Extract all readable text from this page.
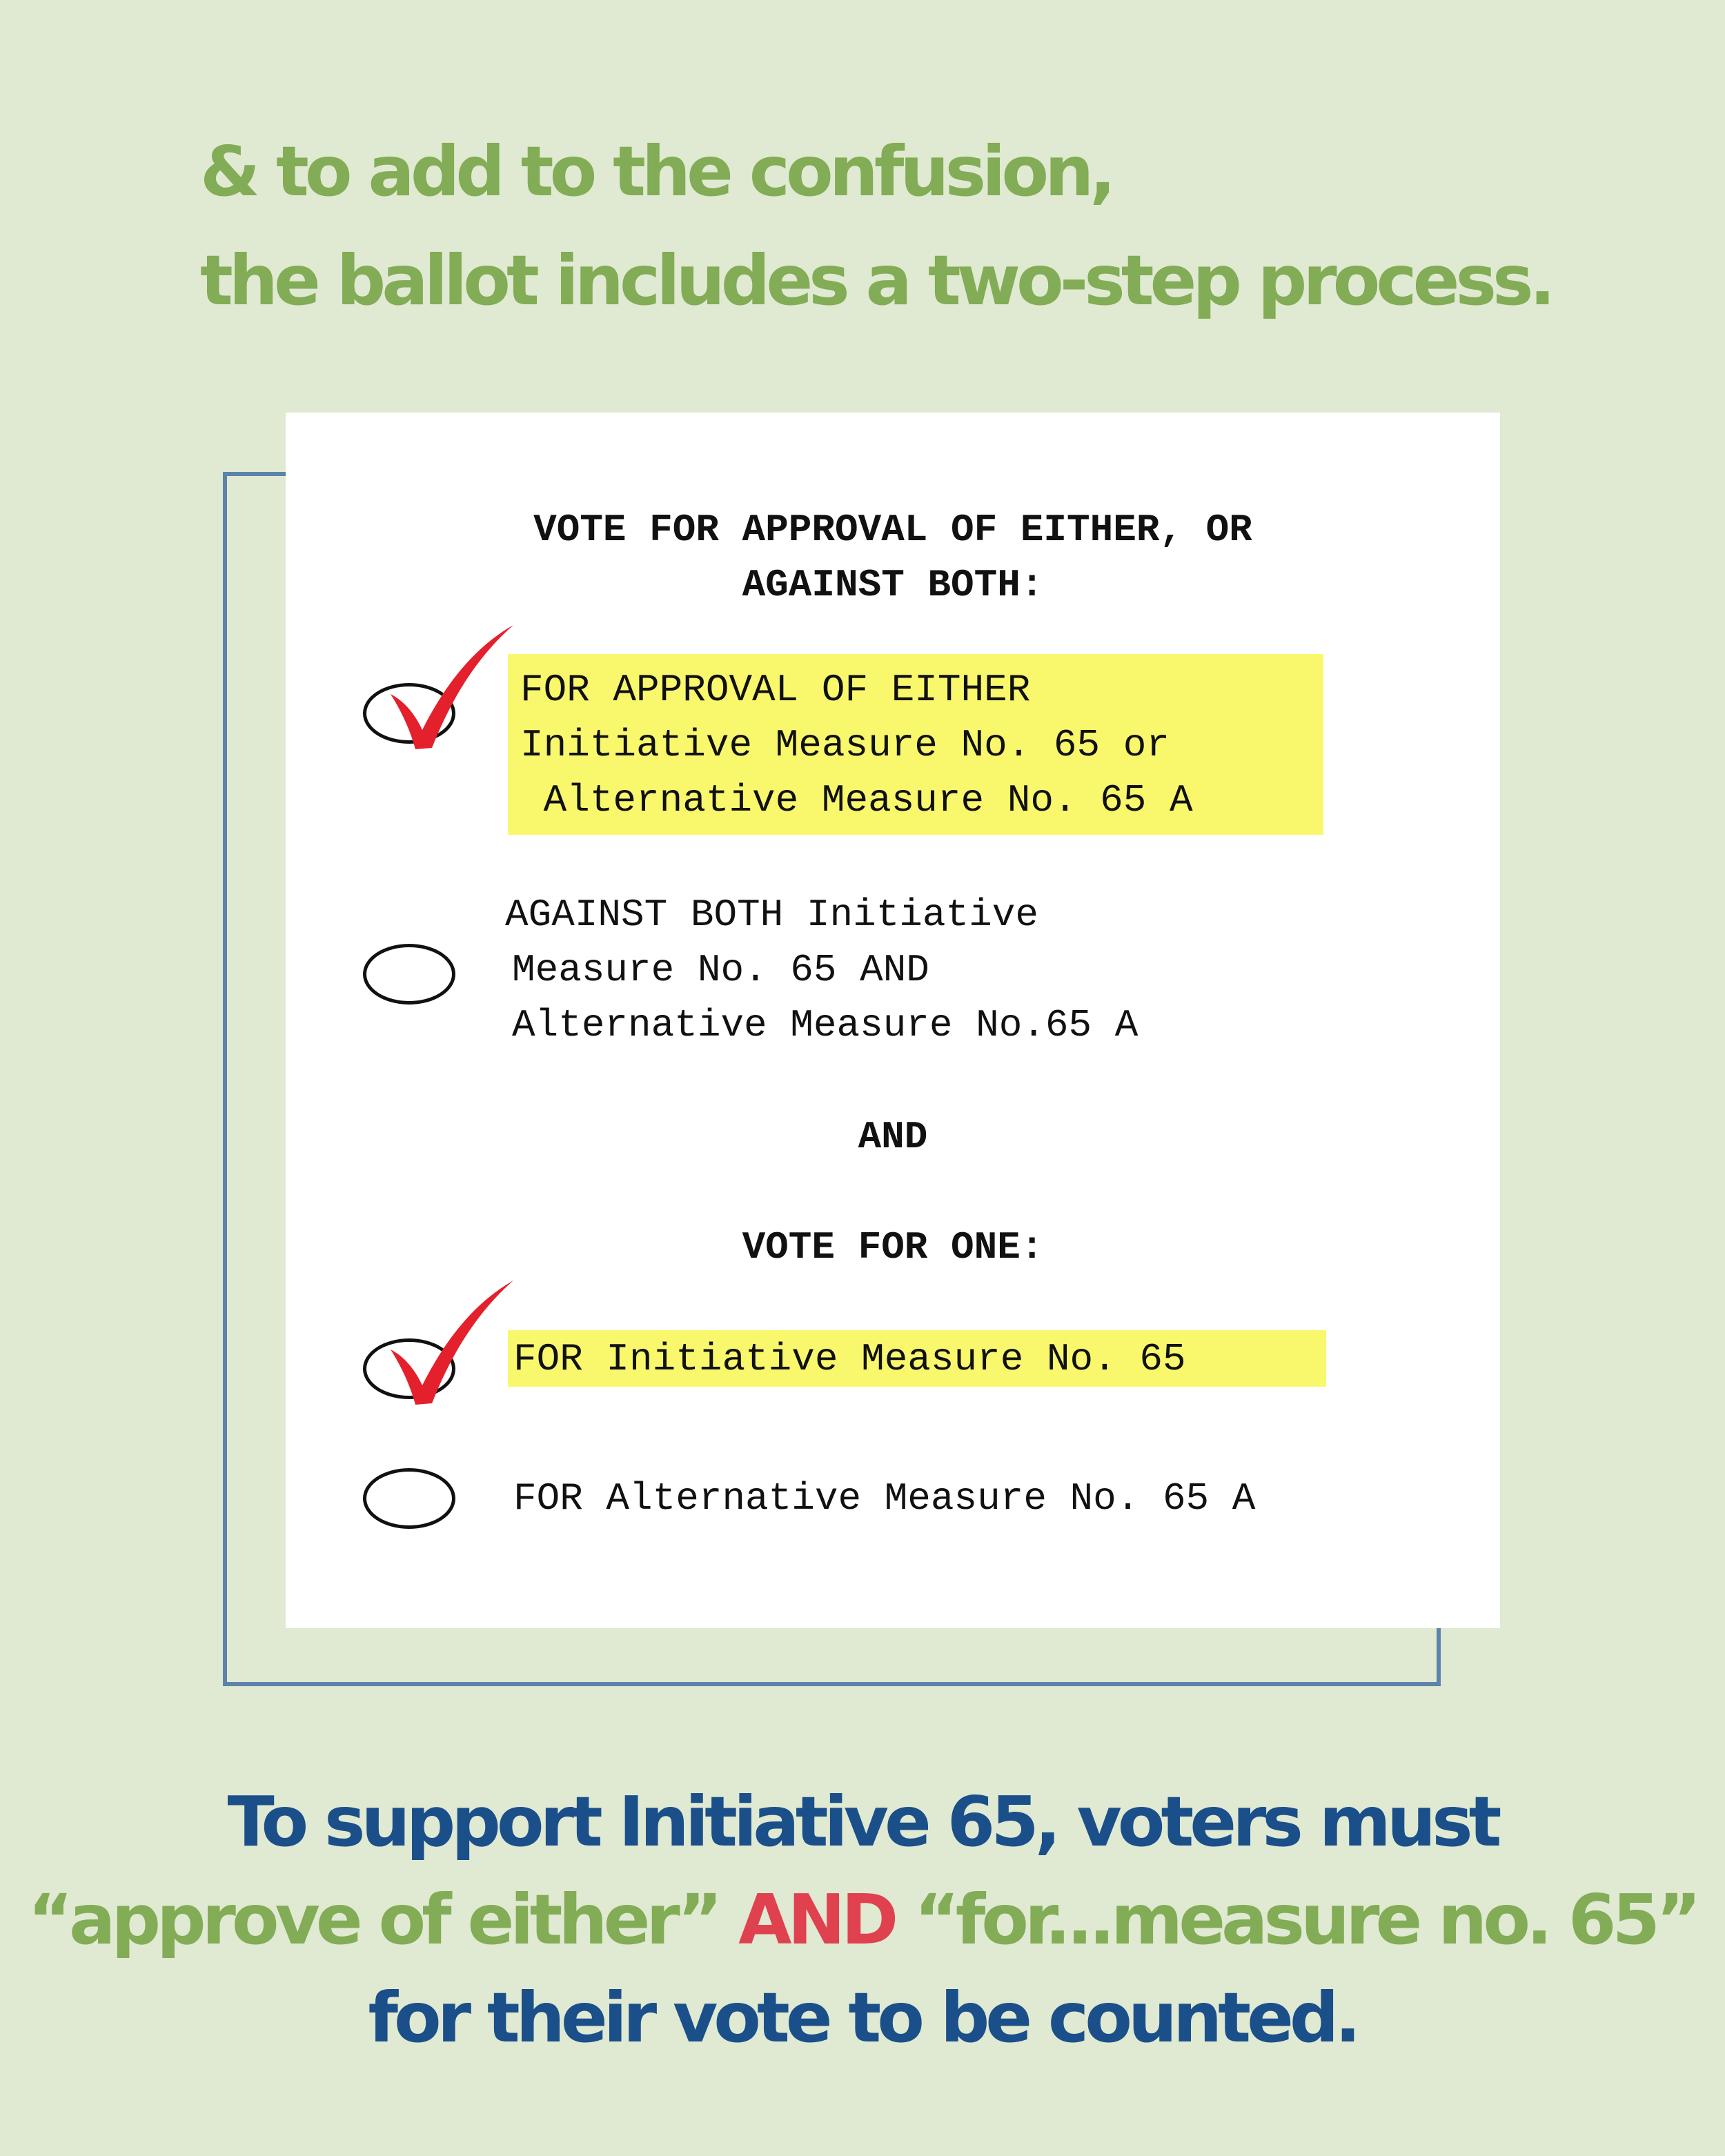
& to add to the confusion,
the ballot includes a two-step process.
VOTE FOR APPROVAL OF EITHER, OR
AGAINST BOTH:
FOR APPROVAL OF EITHER
Initiative Measure No. 65 or
Alternative Measure No. 65 A
AGAINST BOTH Initiative
Measure No. 65 AND
Alternative Measure No.65 A
AND
VOTE FOR ONE:
FOR Initiative Measure No. 65
FOR Alternative Measure No. 65 A
To support Initiative 65, voters must
“approve of either” AND “for...measure no. 65”
for their vote to be counted.
